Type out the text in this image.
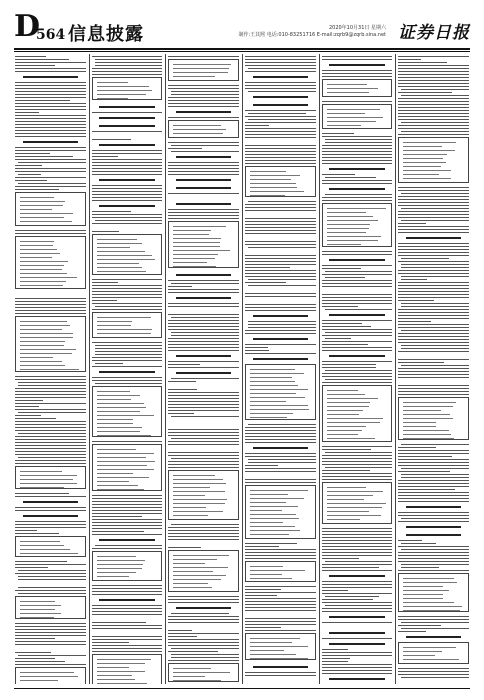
D
564 信息披露	2020年10月31日 星期六
制作:王其熙 电话:010-83251716 E-mail:zqrb9@zqrb.sina.net 证券日报
